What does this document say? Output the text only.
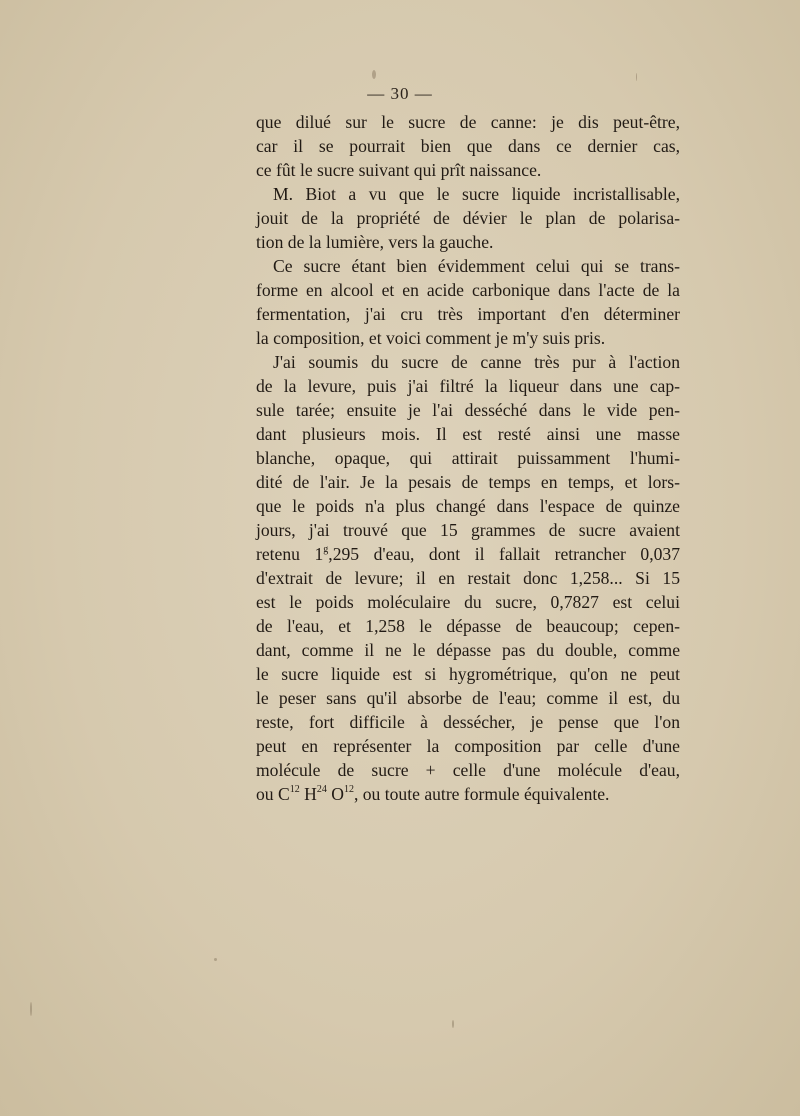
— 30 —
que dilué sur le sucre de canne: je dis peut-être,
car il se pourrait bien que dans ce dernier cas,
ce fût le sucre suivant qui prît naissance.
M. Biot a vu que le sucre liquide incristallisable,
jouit de la propriété de dévier le plan de polarisa-
tion de la lumière, vers la gauche.
Ce sucre étant bien évidemment celui qui se trans-
forme en alcool et en acide carbonique dans l'acte de la
fermentation, j'ai cru très important d'en déterminer
la composition, et voici comment je m'y suis pris.
J'ai soumis du sucre de canne très pur à l'action
de la levure, puis j'ai filtré la liqueur dans une cap-
sule tarée; ensuite je l'ai desséché dans le vide pen-
dant plusieurs mois. Il est resté ainsi une masse
blanche, opaque, qui attirait puissamment l'humi-
dité de l'air. Je la pesais de temps en temps, et lors-
que le poids n'a plus changé dans l'espace de quinze
jours, j'ai trouvé que 15 grammes de sucre avaient
retenu 1$^g$,295 d'eau, dont il fallait retrancher 0,037
d'extrait de levure; il en restait donc 1,258... Si 15
est le poids moléculaire du sucre, 0,7827 est celui
de l'eau, et 1,258 le dépasse de beaucoup; cepen-
dant, comme il ne le dépasse pas du double, comme
le sucre liquide est si hygrométrique, qu'on ne peut
le peser sans qu'il absorbe de l'eau; comme il est, du
reste, fort difficile à dessécher, je pense que l'on
peut en représenter la composition par celle d'une
molécule de sucre + celle d'une molécule d'eau,
ou $C^{12}$ $H^{24}$ $O^{12}$, ou toute autre formule équivalente.
